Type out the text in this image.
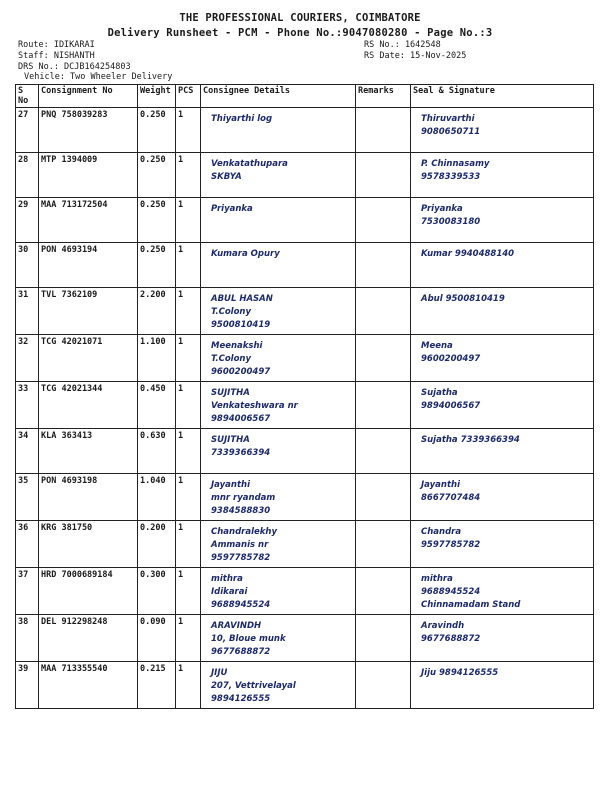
THE PROFESSIONAL COURIERS, COIMBATORE
Delivery Runsheet - PCM - Phone No.:9047080280 - Page No.:3
Route: IDIKARAI
Staff: NISHANTH
DRS No.: DCJB164254803
Vehicle: Two Wheeler Delivery
RS No.: 1642548
RS Date: 15-Nov-2025
S No	Consignment No	Weight	PCS	Consignee Details	Remarks	Seal & Signature
27	PNQ 758039283	0.250	1	Thiyarthi log		Thiruvarthi
9080650711
28	MTP 1394009	0.250	1	Venkatathupara
SKBYA		P. Chinnasamy
9578339533
29	MAA 713172504	0.250	1	Priyanka		Priyanka
7530083180
30	PON 4693194	0.250	1	Kumara Opury		Kumar 9940488140
31	TVL 7362109	2.200	1	ABUL HASAN
T.Colony
9500810419		Abul 9500810419
32	TCG 42021071	1.100	1	Meenakshi
T.Colony
9600200497		Meena
9600200497
33	TCG 42021344	0.450	1	SUJITHA
Venkateshwara nr
9894006567		Sujatha
9894006567
34	KLA 363413	0.630	1	SUJITHA
7339366394		Sujatha 7339366394
35	PON 4693198	1.040	1	Jayanthi
mnr ryandam
9384588830		Jayanthi
8667707484
36	KRG 381750	0.200	1	Chandralekhy
Ammanis nr
9597785782		Chandra
9597785782
37	HRD 7000689184	0.300	1	mithra
Idikarai
9688945524		mithra
9688945524
Chinnamadam Stand
38	DEL 912298248	0.090	1	ARAVINDH
10, Bloue munk
9677688872		Aravindh
9677688872
39	MAA 713355540	0.215	1	JIJU
207, Vettrivelayal
9894126555		Jiju 9894126555
